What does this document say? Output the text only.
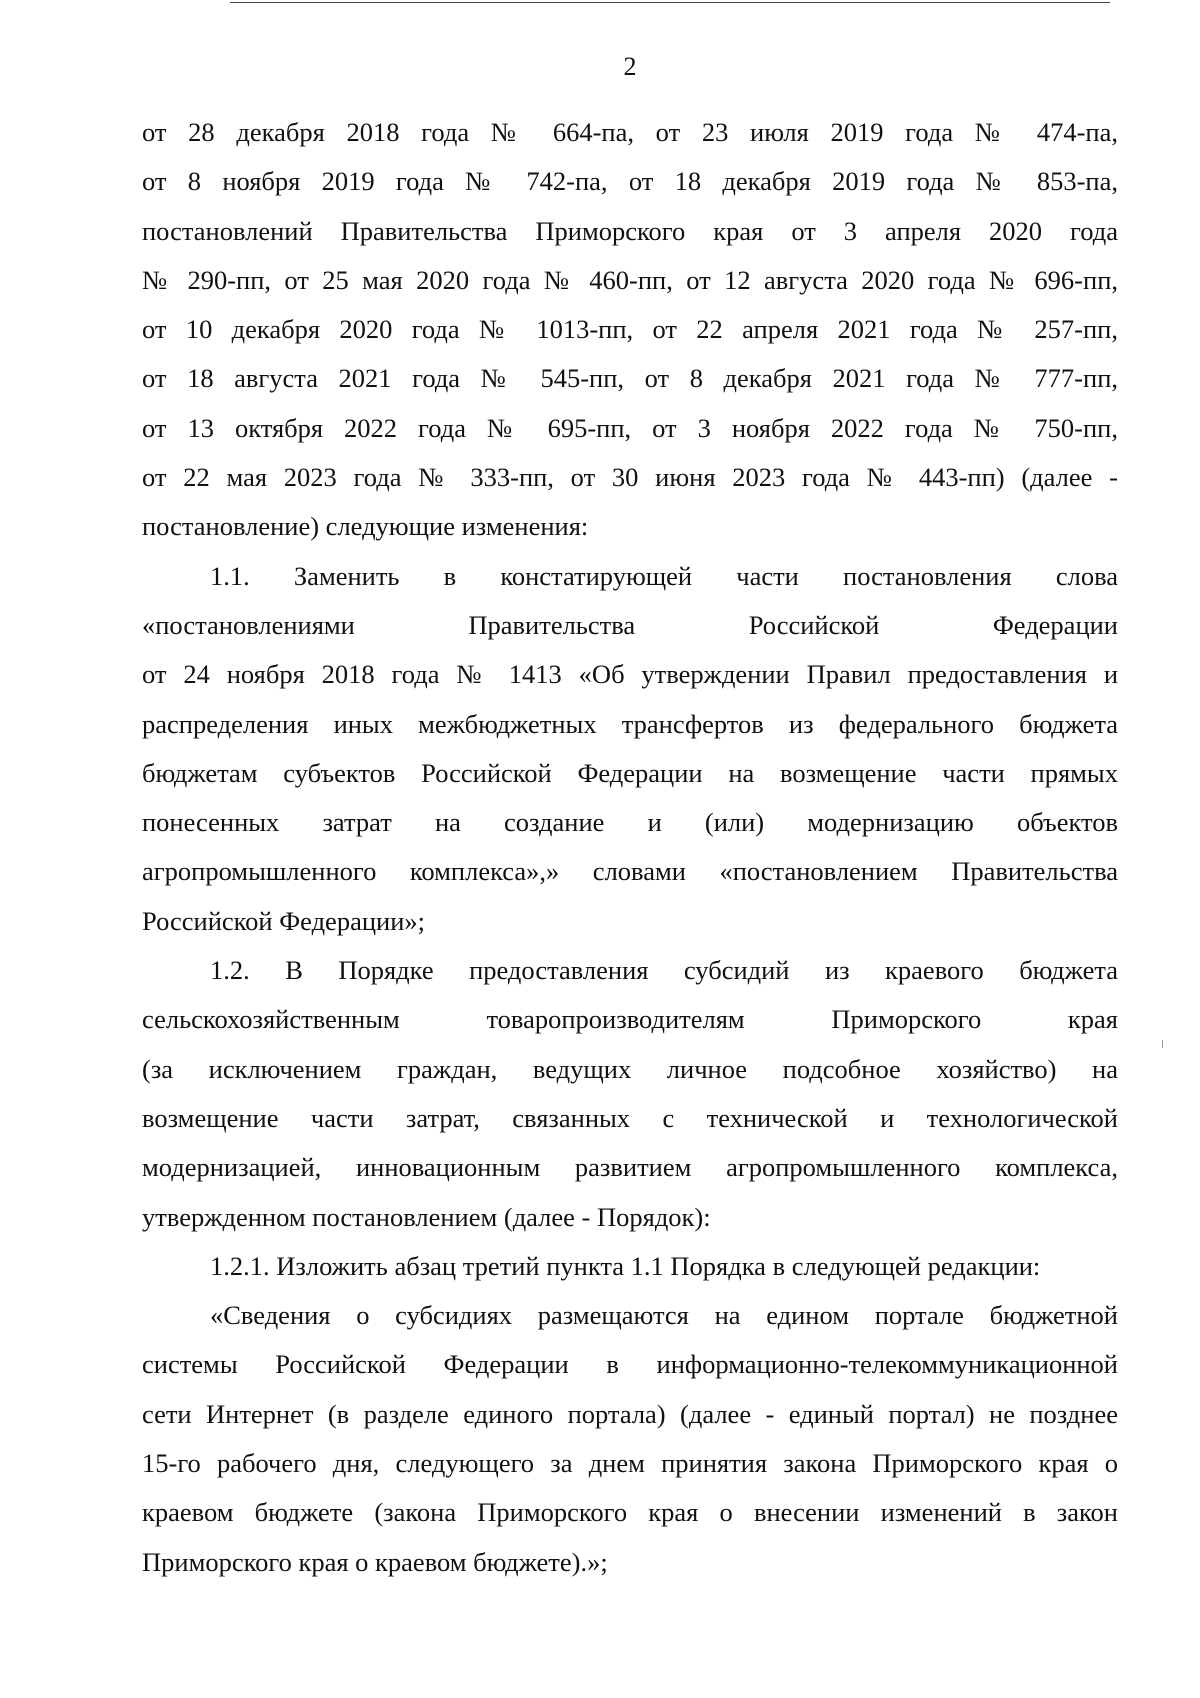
2

от 28 декабря 2018 года № 664-па, от 23 июля 2019 года № 474-па,
от 8 ноября 2019 года № 742-па, от 18 декабря 2019 года № 853-па,
постановлений Правительства Приморского края от 3 апреля 2020 года
№ 290-пп, от 25 мая 2020 года № 460-пп, от 12 августа 2020 года № 696-пп,
от 10 декабря 2020 года № 1013-пп, от 22 апреля 2021 года № 257-пп,
от 18 августа 2021 года № 545-пп, от 8 декабря 2021 года № 777-пп,
от 13 октября 2022 года № 695-пп, от 3 ноября 2022 года № 750-пп,
от 22 мая 2023 года № 333-пп, от 30 июня 2023 года № 443-пп) (далее -
постановление) следующие изменения:

1.1. Заменить в констатирующей части постановления слова
«постановлениями Правительства Российской Федерации
от 24 ноября 2018 года № 1413 «Об утверждении Правил предоставления и
распределения иных межбюджетных трансфертов из федерального бюджета
бюджетам субъектов Российской Федерации на возмещение части прямых
понесенных затрат на создание и (или) модернизацию объектов
агропромышленного комплекса»,» словами «постановлением Правительства
Российской Федерации»;

1.2. В Порядке предоставления субсидий из краевого бюджета
сельскохозяйственным товаропроизводителям Приморского края
(за исключением граждан, ведущих личное подсобное хозяйство) на
возмещение части затрат, связанных с технической и технологической
модернизацией, инновационным развитием агропромышленного комплекса,
утвержденном постановлением (далее - Порядок):

1.2.1. Изложить абзац третий пункта 1.1 Порядка в следующей редакции:

«Сведения о субсидиях размещаются на едином портале бюджетной
системы Российской Федерации в информационно-телекоммуникационной
сети Интернет (в разделе единого портала) (далее - единый портал) не позднее
15-го рабочего дня, следующего за днем принятия закона Приморского края о
краевом бюджете (закона Приморского края о внесении изменений в закон
Приморского края о краевом бюджете).»;
